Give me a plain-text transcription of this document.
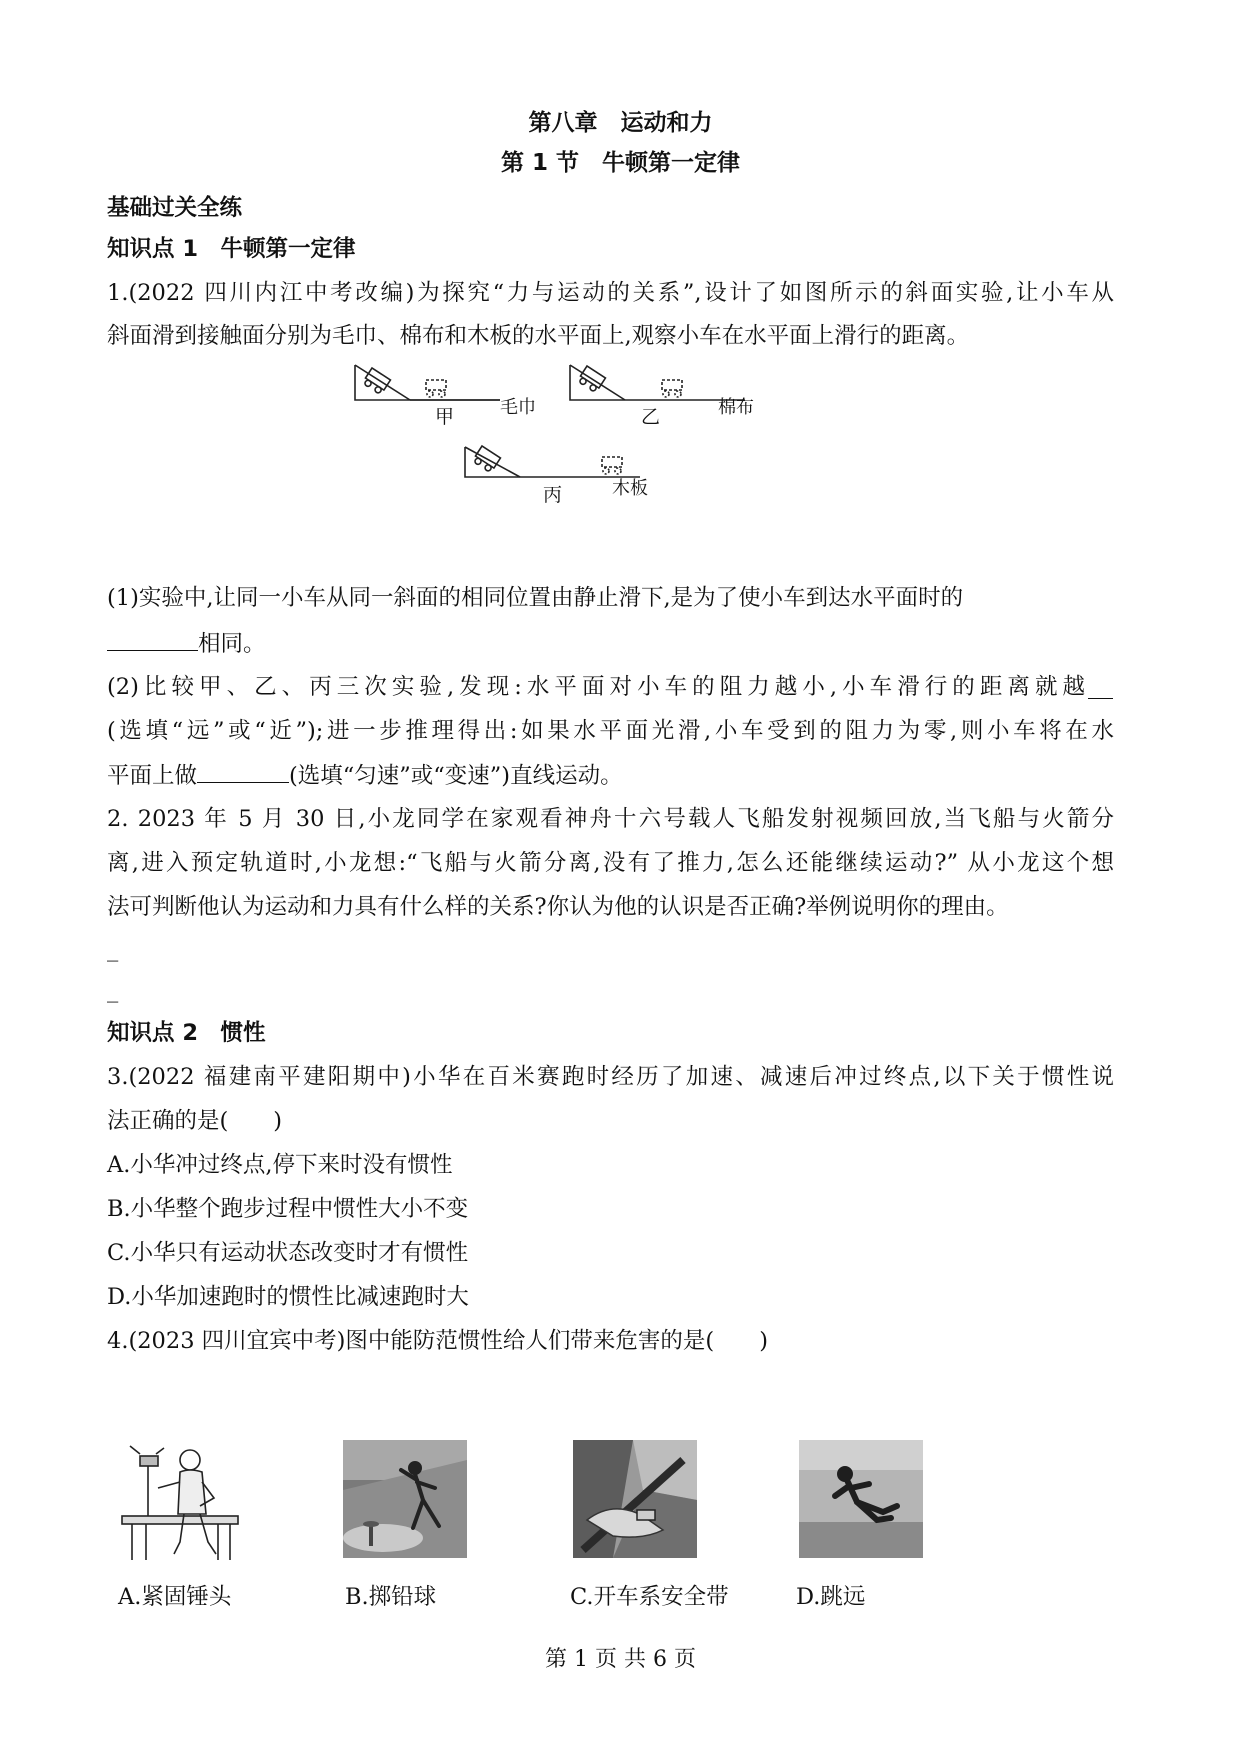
第八章　运动和力
第 1 节　牛顿第一定律
基础过关全练
知识点 1　牛顿第一定律
1.(2022 四川内江中考改编)为探究“力与运动的关系”,设计了如图所示的斜面实验,让小车从
斜面滑到接触面分别为毛巾、棉布和木板的水平面上,观察小车在水平面上滑行的距离。
甲	毛巾	乙	棉布
丙	木板
(1)实验中,让同一小车从同一斜面的相同位置由静止滑下,是为了使小车到达水平面时的
相同。
(2)比较甲、乙、丙三次实验,发现:水平面对小车的阻力越小,小车滑行的距离就越
(选填“远”或“近”);进一步推理得出:如果水平面光滑,小车受到的阻力为零,则小车将在水
平面上做	(选填“匀速”或“变速”)直线运动。
2. 2023 年 5 月 30 日,小龙同学在家观看神舟十六号载人飞船发射视频回放,当飞船与火箭分
离,进入预定轨道时,小龙想:“飞船与火箭分离,没有了推力,怎么还能继续运动?” 从小龙这个想
法可判断他认为运动和力具有什么样的关系?你认为他的认识是否正确?举例说明你的理由。
_
_
知识点 2　惯性
3.(2022 福建南平建阳期中)小华在百米赛跑时经历了加速、减速后冲过终点,以下关于惯性说
法正确的是(　　)
A.小华冲过终点,停下来时没有惯性
B.小华整个跑步过程中惯性大小不变
C.小华只有运动状态改变时才有惯性
D.小华加速跑时的惯性比减速跑时大
4.(2023 四川宜宾中考)图中能防范惯性给人们带来危害的是(　　)
A.紧固锤头	B.掷铅球	C.开车系安全带	D.跳远
第 1 页 共 6 页
